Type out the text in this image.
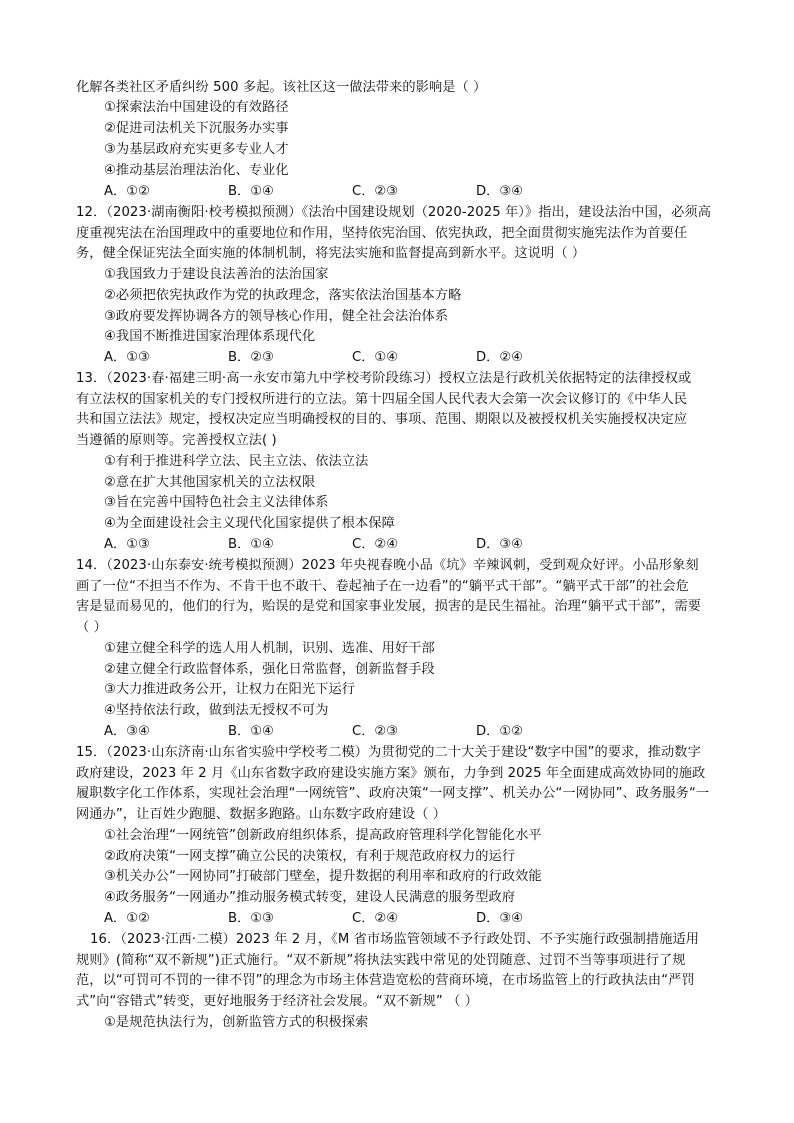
化解各类社区矛盾纠纷 500 多起。该社区这一做法带来的影响是（ ）
①探索法治中国建设的有效路径
②促进司法机关下沉服务办实事
③为基层政府充实更多专业人才
④推动基层治理法治化、专业化
A．①②	B．①④	C．②③	D．③④
12．（2023·湖南衡阳·校考模拟预测）《法治中国建设规划（2020-2025 年）》指出，建设法治中国，必须高
度重视宪法在治国理政中的重要地位和作用，坚持依宪治国、依宪执政，把全面贯彻实施宪法作为首要任
务，健全保证宪法全面实施的体制机制，将宪法实施和监督提高到新水平。这说明（ ）
①我国致力于建设良法善治的法治国家
②必须把依宪执政作为党的执政理念，落实依法治国基本方略
③政府要发挥协调各方的领导核心作用，健全社会法治体系
④我国不断推进国家治理体系现代化
A．①③	B．②③	C．①④	D．②④
13．（2023·春·福建三明·高一永安市第九中学校考阶段练习）授权立法是行政机关依据特定的法律授权或
有立法权的国家机关的专门授权所进行的立法。第十四届全国人民代表大会第一次会议修订的《中华人民
共和国立法法》规定，授权决定应当明确授权的目的、事项、范围、期限以及被授权机关实施授权决定应
当遵循的原则等。完善授权立法( )
①有利于推进科学立法、民主立法、依法立法
②意在扩大其他国家机关的立法权限
③旨在完善中国特色社会主义法律体系
④为全面建设社会主义现代化国家提供了根本保障
A．①③	B．①④	C．②④	D．③④
14．（2023·山东泰安·统考模拟预测）2023 年央视春晚小品《坑》辛辣讽刺，受到观众好评。小品形象刻
画了一位“不担当不作为、不肯干也不敢干、卷起袖子在一边看”的“躺平式干部”。“躺平式干部”的社会危
害是显而易见的，他们的行为，贻误的是党和国家事业发展，损害的是民生福祉。治理“躺平式干部”，需要
（ ）
①建立健全科学的选人用人机制，识别、选准、用好干部
②建立健全行政监督体系，强化日常监督，创新监督手段
③大力推进政务公开，让权力在阳光下运行
④坚持依法行政，做到法无授权不可为
A．③④	B．①④	C．②③	D．①②
15．（2023·山东济南·山东省实验中学校考二模）为贯彻党的二十大关于建设“数字中国”的要求，推动数字
政府建设，2023 年 2 月《山东省数字政府建设实施方案》颁布，力争到 2025 年全面建成高效协同的施政
履职数字化工作体系，实现社会治理“一网统管”、政府决策“一网支撑”、机关办公“一网协同”、政务服务“一
网通办”，让百姓少跑腿、数据多跑路。山东数字政府建设（ ）
①社会治理“一网统管”创新政府组织体系，提高政府管理科学化智能化水平
②政府决策“一网支撑”确立公民的决策权，有利于规范政府权力的运行
③机关办公“一网协同”打破部门壁垒，提升数据的利用率和政府的行政效能
④政务服务“一网通办”推动服务模式转变，建设人民满意的服务型政府
A．①②	B．①③	C．②④	D．③④
16．（2023·江西·二模）2023 年 2 月，《M 省市场监管领域不予行政处罚、不予实施行政强制措施适用
规则》(简称“双不新规”)正式施行。“双不新规”将执法实践中常见的处罚随意、过罚不当等事项进行了规
范，以“可罚可不罚的一律不罚”的理念为市场主体营造宽松的营商环境，在市场监管上的行政执法由“严罚
式”向“容错式”转变，更好地服务于经济社会发展。“双不新规” （ ）
①是规范执法行为，创新监管方式的积极探索
